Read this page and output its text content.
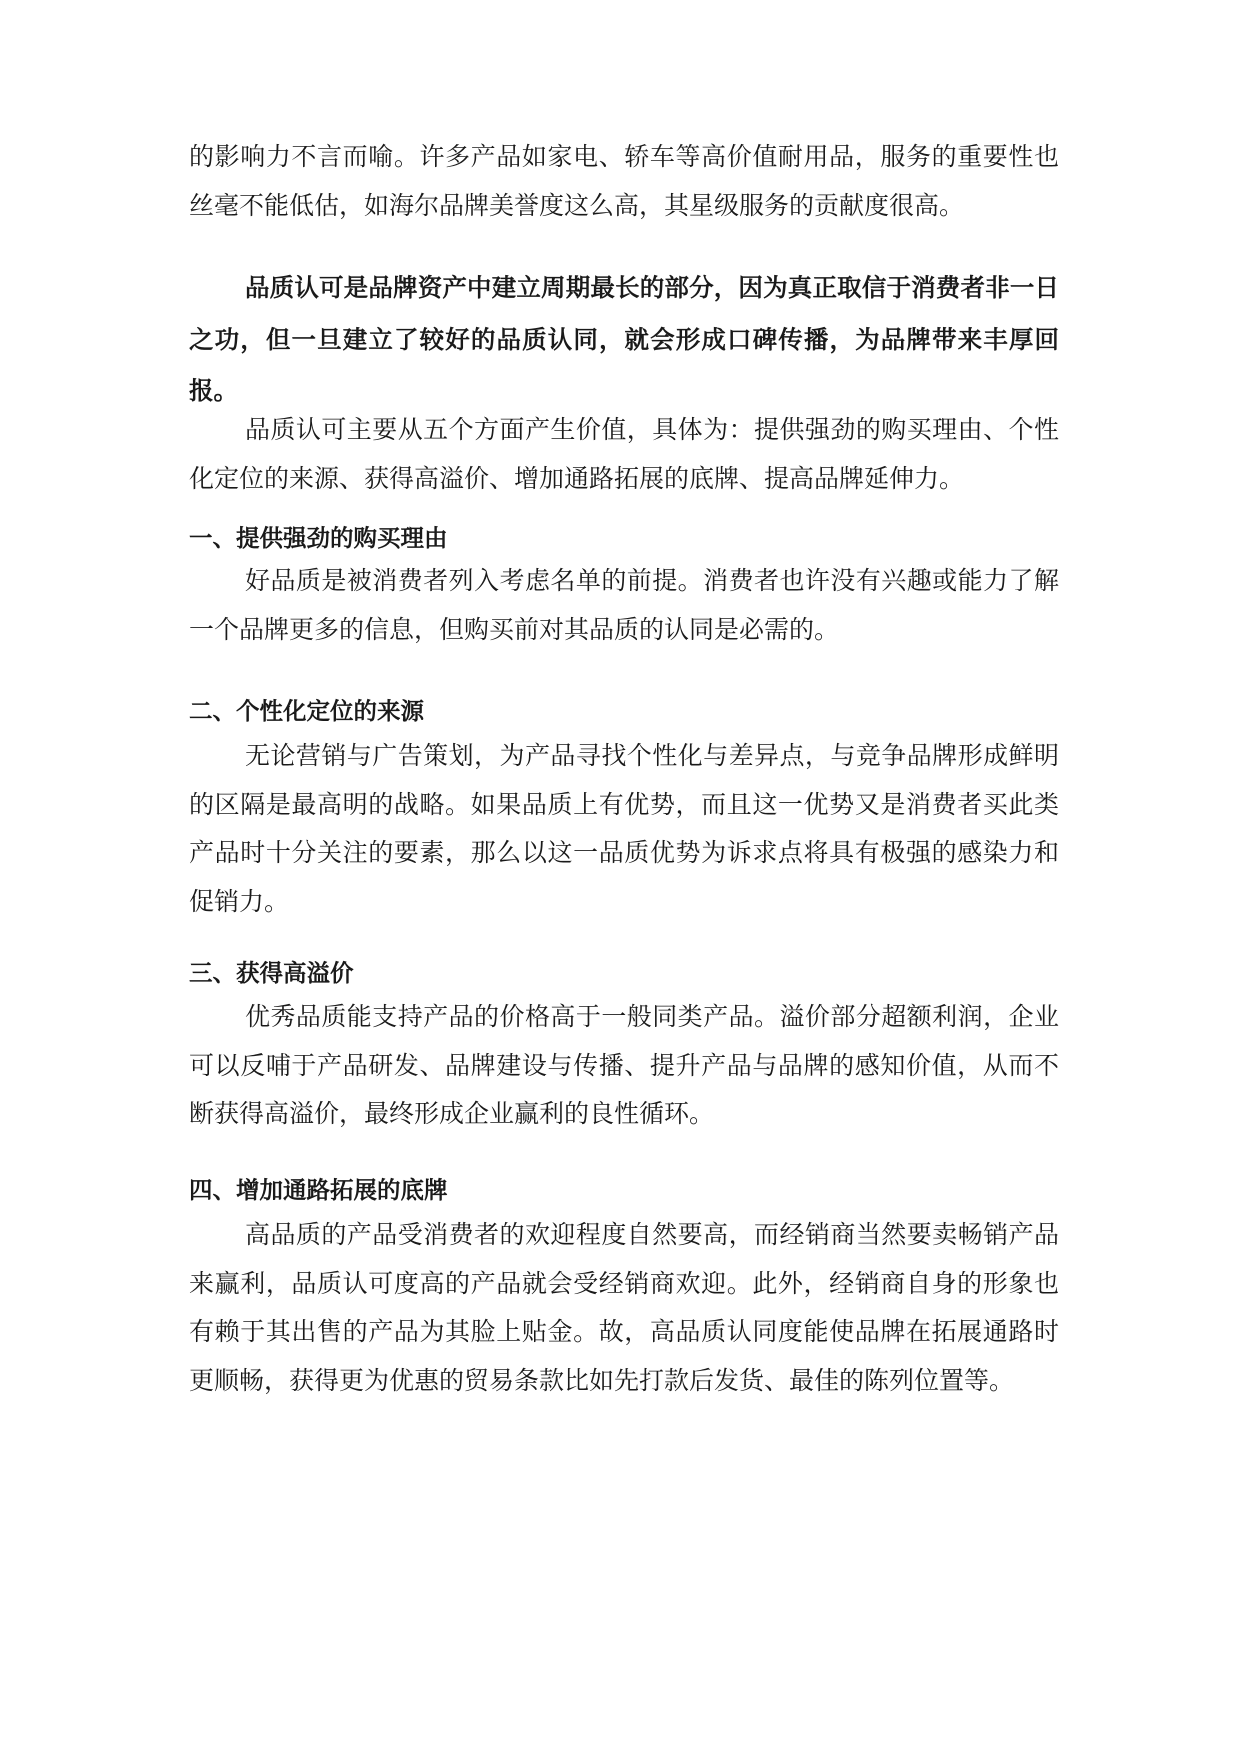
的影响力不言而喻。许多产品如家电、轿车等高价值耐用品，服务的重要性也丝毫不能低估，如海尔品牌美誉度这么高，其星级服务的贡献度很高。

品质认可是品牌资产中建立周期最长的部分，因为真正取信于消费者非一日之功，但一旦建立了较好的品质认同，就会形成口碑传播，为品牌带来丰厚回报。

品质认可主要从五个方面产生价值，具体为：提供强劲的购买理由、个性化定位的来源、获得高溢价、增加通路拓展的底牌、提高品牌延伸力。

一、提供强劲的购买理由

好品质是被消费者列入考虑名单的前提。消费者也许没有兴趣或能力了解一个品牌更多的信息，但购买前对其品质的认同是必需的。

二、个性化定位的来源

无论营销与广告策划，为产品寻找个性化与差异点，与竞争品牌形成鲜明的区隔是最高明的战略。如果品质上有优势，而且这一优势又是消费者买此类产品时十分关注的要素，那么以这一品质优势为诉求点将具有极强的感染力和促销力。

三、获得高溢价

优秀品质能支持产品的价格高于一般同类产品。溢价部分超额利润，企业可以反哺于产品研发、品牌建设与传播、提升产品与品牌的感知价值，从而不断获得高溢价，最终形成企业赢利的良性循环。

四、增加通路拓展的底牌

高品质的产品受消费者的欢迎程度自然要高，而经销商当然要卖畅销产品来赢利，品质认可度高的产品就会受经销商欢迎。此外，经销商自身的形象也有赖于其出售的产品为其脸上贴金。故，高品质认同度能使品牌在拓展通路时更顺畅，获得更为优惠的贸易条款比如先打款后发货、最佳的陈列位置等。
